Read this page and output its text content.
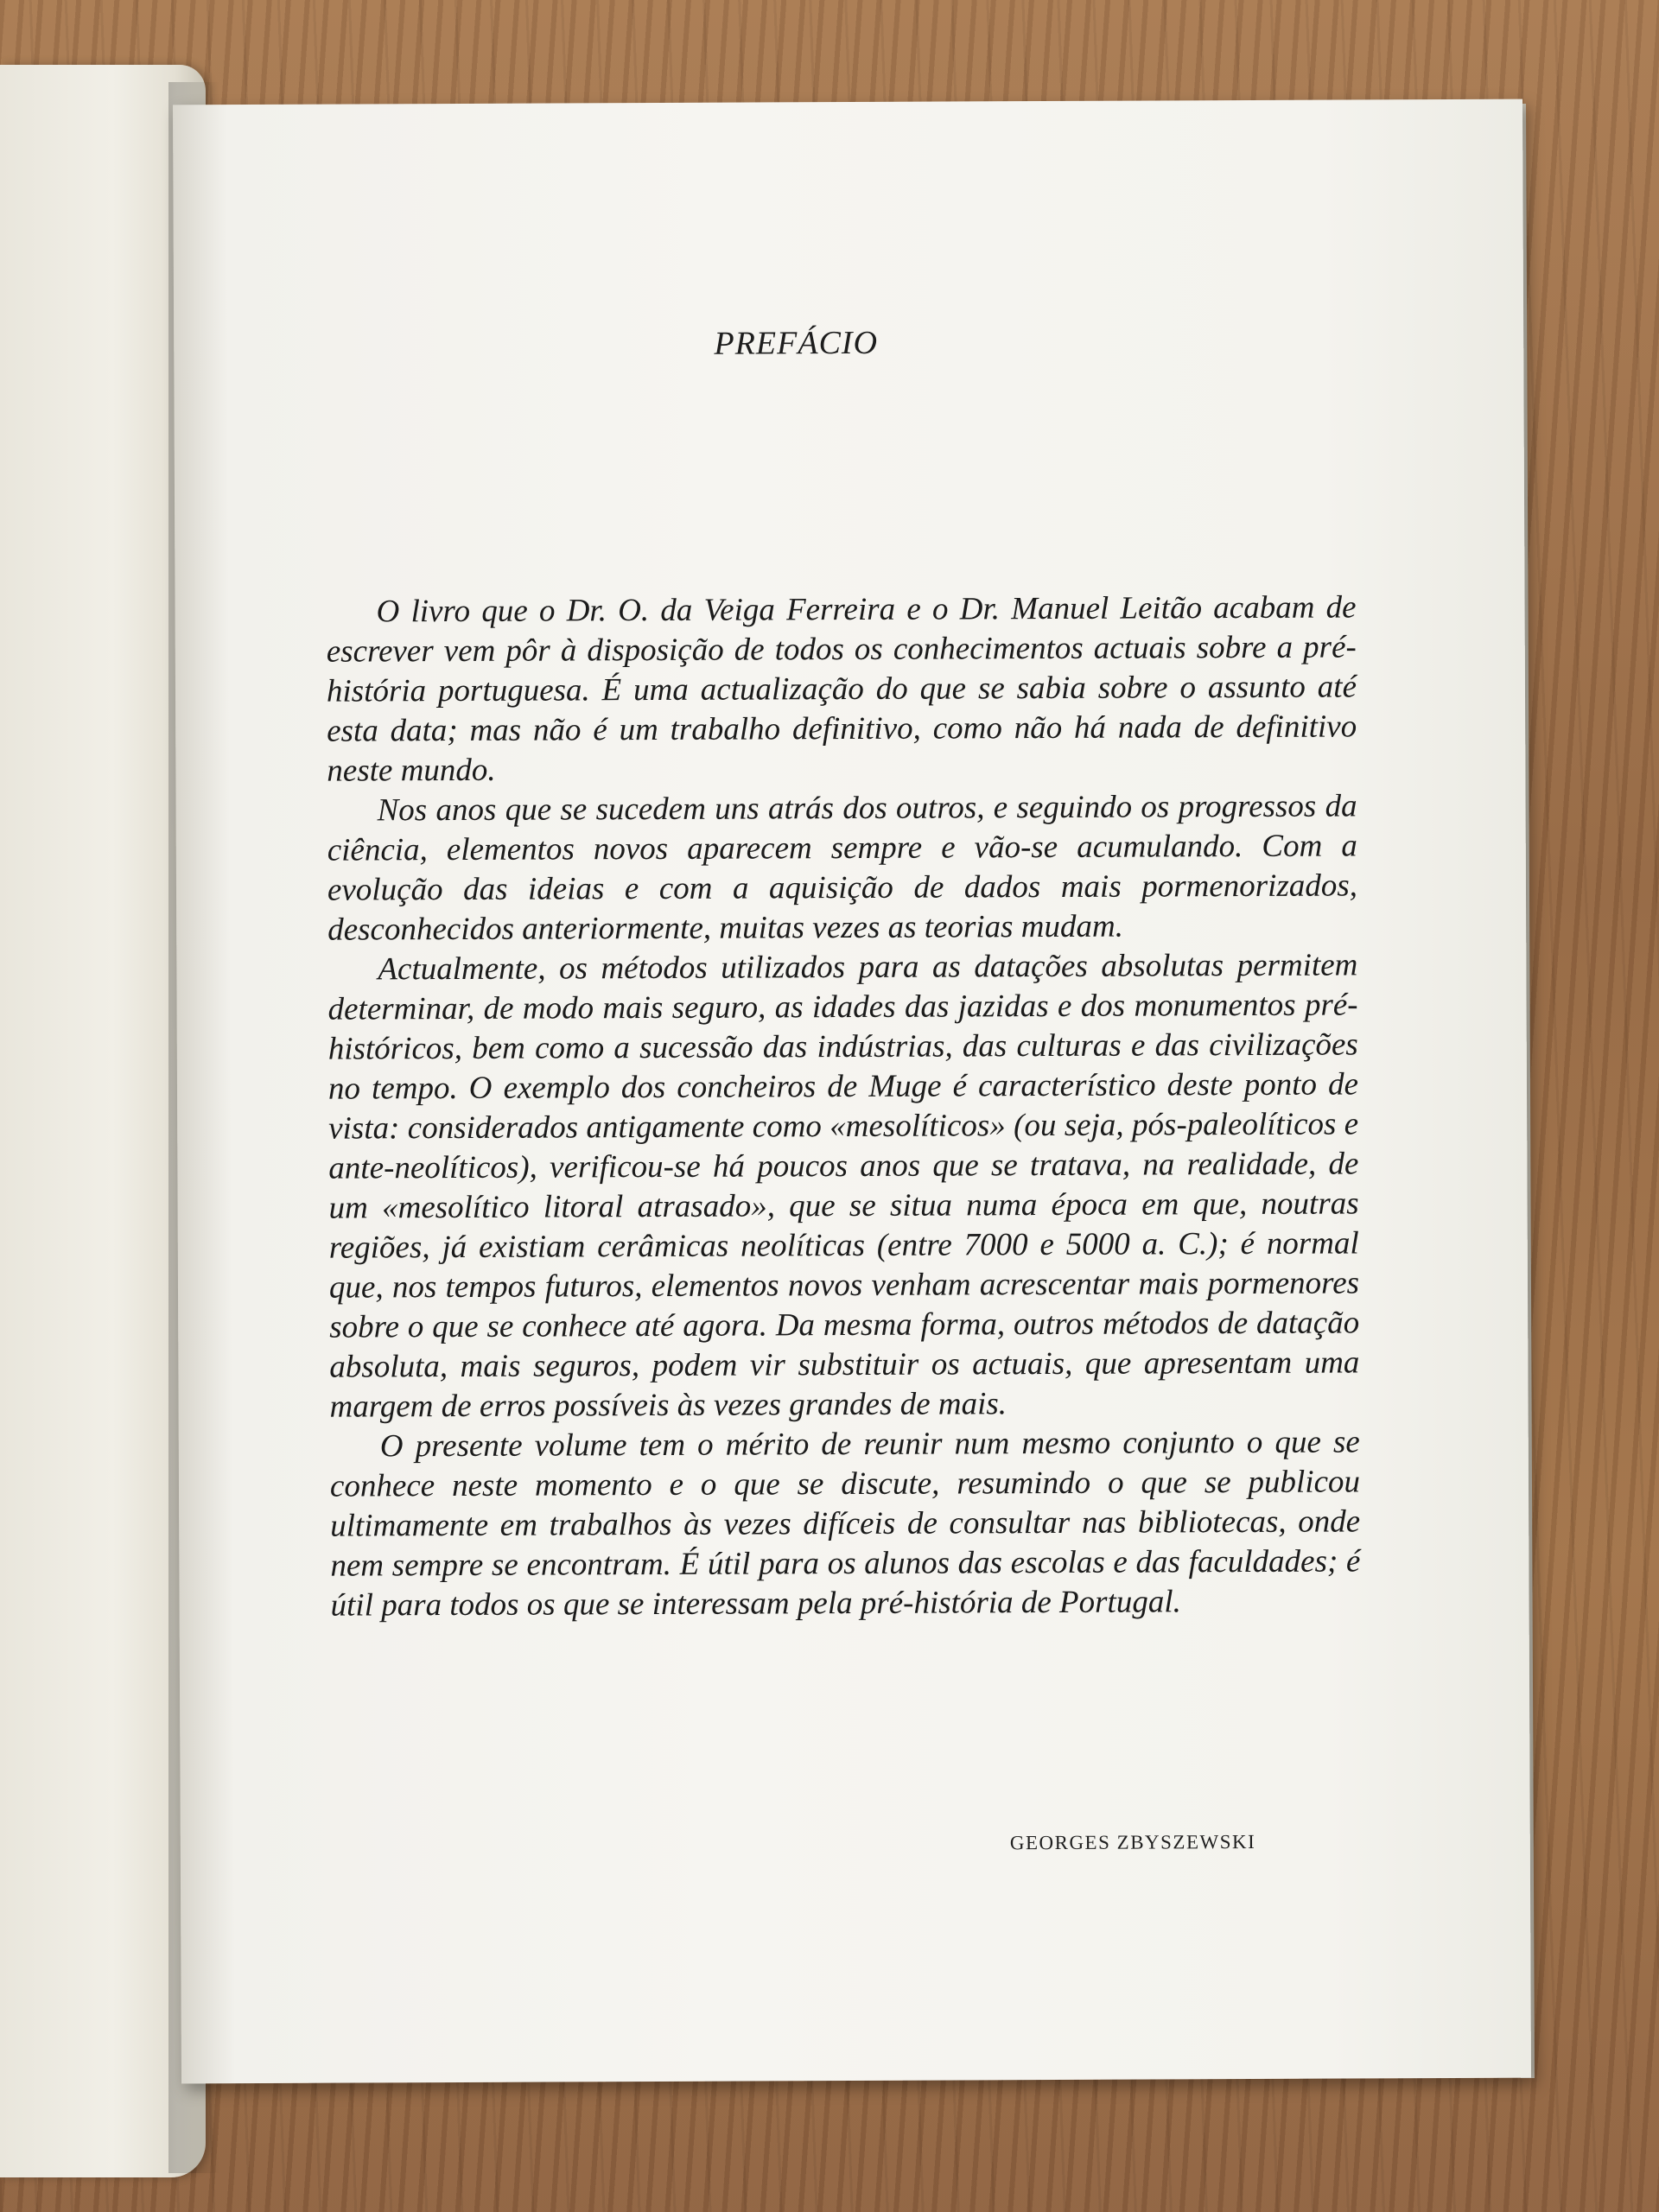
PREFÁCIO

O livro que o Dr. O. da Veiga Ferreira e o Dr. Manuel Leitão acabam de escrever vem pôr à disposição de todos os conhecimentos actuais sobre a pré-história portuguesa. É uma actualização do que se sabia sobre o assunto até esta data; mas não é um trabalho definitivo, como não há nada de definitivo neste mundo.

Nos anos que se sucedem uns atrás dos outros, e seguindo os progressos da ciência, elementos novos aparecem sempre e vão-se acumulando. Com a evolução das ideias e com a aquisição de dados mais pormenorizados, desconhecidos anteriormente, muitas vezes as teorias mudam.

Actualmente, os métodos utilizados para as datações absolutas permitem determinar, de modo mais seguro, as idades das jazidas e dos monumentos pré-históricos, bem como a sucessão das indústrias, das culturas e das civilizações no tempo. O exemplo dos concheiros de Muge é característico deste ponto de vista: considerados antigamente como «mesolíticos» (ou seja, pós-paleolíticos e ante-neolíticos), verificou-se há poucos anos que se tratava, na realidade, de um «mesolítico litoral atrasado», que se situa numa época em que, noutras regiões, já existiam cerâmicas neolíticas (entre 7000 e 5000 a. C.); é normal que, nos tempos futuros, elementos novos venham acrescentar mais pormenores sobre o que se conhece até agora. Da mesma forma, outros métodos de datação absoluta, mais seguros, podem vir substituir os actuais, que apresentam uma margem de erros possíveis às vezes grandes de mais.

O presente volume tem o mérito de reunir num mesmo conjunto o que se conhece neste momento e o que se discute, resumindo o que se publicou ultimamente em trabalhos às vezes difíceis de consultar nas bibliotecas, onde nem sempre se encontram. É útil para os alunos das escolas e das faculdades; é útil para todos os que se interessam pela pré-história de Portugal.

GEORGES ZBYSZEWSKI
